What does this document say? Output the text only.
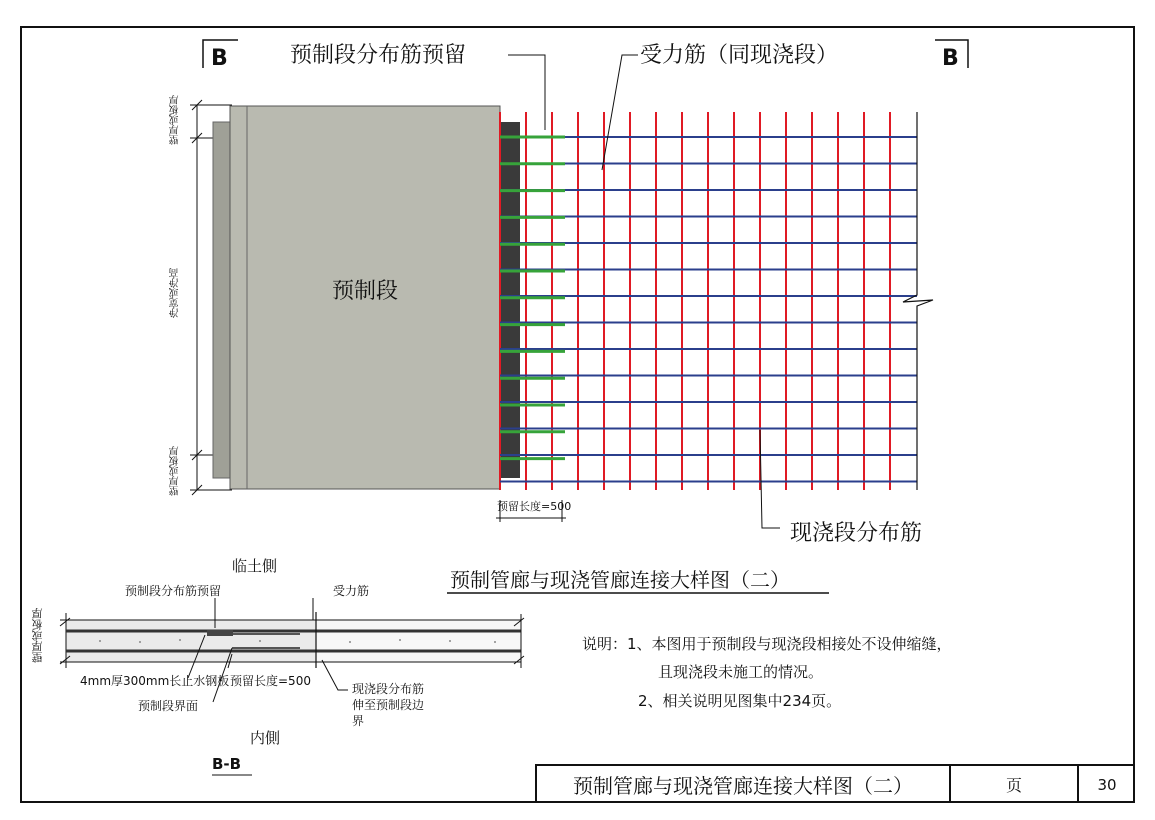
B	B
预制段分布筋预留	受力筋（同现浇段）
预制段
预留长度=500
现浇段分布筋
壁厚或板厚
净宽或净高
壁厚或板厚
预制管廊与现浇管廊连接大样图（二）
临土側
预制段分布筋预留	受力筋
壁厚或板厚
4mm厚300mm长止水钢板 预留长度=500
预制段界面
现浇段分布筋
伸至预制段边
界
内側
B-B
说明：1、本图用于预制段与现浇段相接处不设伸缩缝，
且现浇段未施工的情况。
2、相关说明见图集中234页。
预制管廊与现浇管廊连接大样图（二）	页	30
